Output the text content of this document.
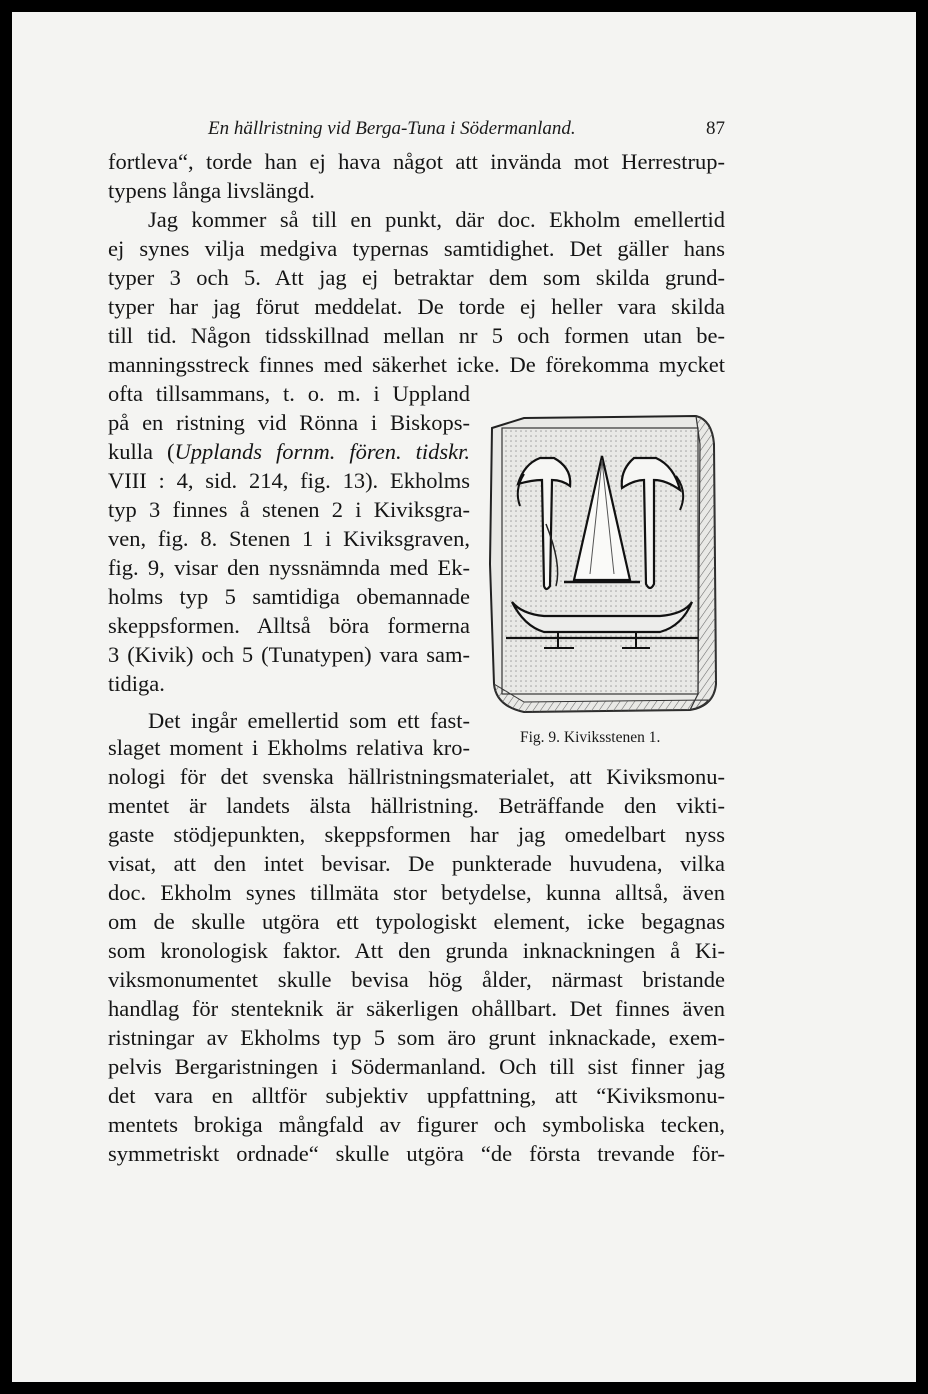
En hällristning vid Berga-Tuna i Södermanland.	87
fortleva“, torde han ej hava något att invända mot Herrestrup-
typens långa livslängd.
Jag kommer så till en punkt, där doc. Ekholm emellertid
ej synes vilja medgiva typernas samtidighet. Det gäller hans
typer 3 och 5. Att jag ej betraktar dem som skilda grund-
typer har jag förut meddelat. De torde ej heller vara skilda
till tid. Någon tidsskillnad mellan nr 5 och formen utan be-
manningsstreck finnes med säkerhet icke. De förekomma mycket
ofta tillsammans, t. o. m. i Uppland
på en ristning vid Rönna i Biskops-
kulla (Upplands fornm. fören. tidskr.
VIII : 4, sid. 214, fig. 13). Ekholms
typ 3 finnes å stenen 2 i Kiviksgra-
ven, fig. 8. Stenen 1 i Kiviksgraven,
fig. 9, visar den nyssnämnda med Ek-
holms typ 5 samtidiga obemannade
skeppsformen. Alltså böra formerna
3 (Kivik) och 5 (Tunatypen) vara sam-
tidiga.
Det ingår emellertid som ett fast-
slaget moment i Ekholms relativa kro-
nologi för det svenska hällristningsmaterialet, att Kiviksmonu-
mentet är landets älsta hällristning. Beträffande den vikti-
gaste stödjepunkten, skeppsformen har jag omedelbart nyss
visat, att den intet bevisar. De punkterade huvudena, vilka
doc. Ekholm synes tillmäta stor betydelse, kunna alltså, även
om de skulle utgöra ett typologiskt element, icke begagnas
som kronologisk faktor. Att den grunda inknackningen å Ki-
viksmonumentet skulle bevisa hög ålder, närmast bristande
handlag för stenteknik är säkerligen ohållbart. Det finnes även
ristningar av Ekholms typ 5 som äro grunt inknackade, exem-
pelvis Bergaristningen i Södermanland. Och till sist finner jag
det vara en alltför subjektiv uppfattning, att “Kiviksmonu-
mentets brokiga mångfald av figurer och symboliska tecken,
symmetriskt ordnade“ skulle utgöra “de första trevande för-
Fig. 9. Kiviksstenen 1.
